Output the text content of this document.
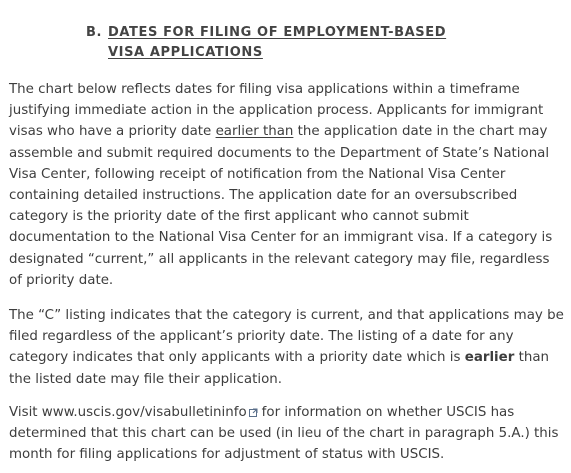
B. DATES FOR FILING OF EMPLOYMENT-BASED
VISA APPLICATIONS

The chart below reflects dates for filing visa applications within a timeframe justifying immediate action in the application process. Applicants for immigrant visas who have a priority date earlier than the application date in the chart may assemble and submit required documents to the Department of State’s National Visa Center, following receipt of notification from the National Visa Center containing detailed instructions. The application date for an oversubscribed category is the priority date of the first applicant who cannot submit documentation to the National Visa Center for an immigrant visa. If a category is designated “current,” all applicants in the relevant category may file, regardless of priority date.

The “C” listing indicates that the category is current, and that applications may be filed regardless of the applicant’s priority date. The listing of a date for any category indicates that only applicants with a priority date which is earlier than the listed date may file their application.

Visit www.uscis.gov/visabulletininfo for information on whether USCIS has determined that this chart can be used (in lieu of the chart in paragraph 5.A.) this month for filing applications for adjustment of status with USCIS.
